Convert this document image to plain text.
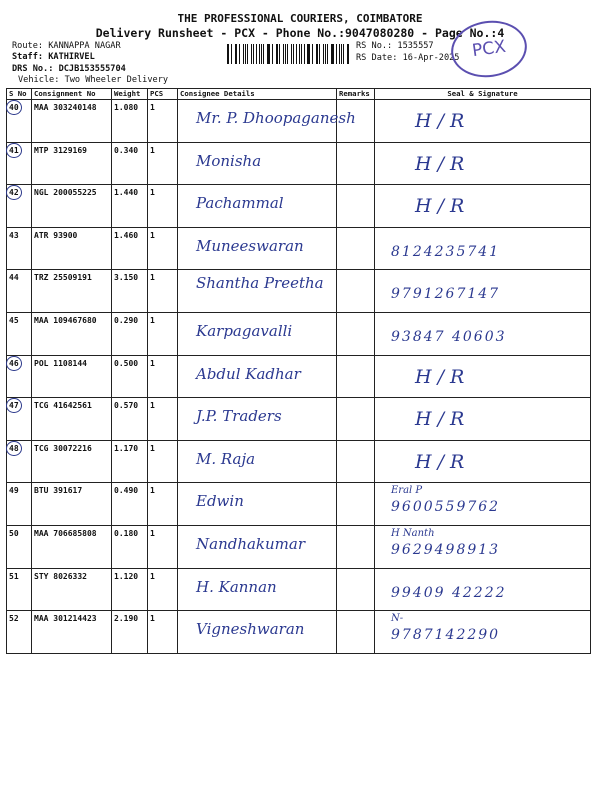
THE PROFESSIONAL COURIERS, COIMBATORE
Delivery Runsheet - PCX - Phone No.:9047080280 - Page No.:4
Route: KANNAPPA NAGAR
Staff: KATHIRVEL
DRS No.: DCJB153555704
Vehicle: Two Wheeler Delivery
RS No.: 1535557
RS Date: 16-Apr-2025 PCX
S No	Consignment No	Weight	PCS	Consignee Details	Remarks	Seal & Signature
40	MAA 303240148	1.080	1	Mr. P. Dhoopaganesh		H/R

41	MTP 3129169	0.340	1	Monisha		H/R

42	NGL 200055225	1.440	1	Pachammal		H/R

43	ATR 93900	1.460	1	Muneeswaran		8124235741

44	TRZ 25509191	3.150	1	Shantha Preetha		9791267147

45	MAA 109467680	0.290	1	Karpagavalli		93847 40603

46	POL 1108144	0.500	1	Abdul Kadhar		H/R

47	TCG 41642561	0.570	1	J.P. Traders		H/R

48	TCG 30072216	1.170	1	M. Raja		H/R

49	BTU 391617	0.490	1	Edwin		Eral P
9600559762

50	MAA 706685808	0.180	1	Nandhakumar		H Nanth
9629498913

51	STY 8026332	1.120	1	H. Kannan		99409 42222

52	MAA 301214423	2.190	1	Vigneshwaran		N-
9787142290
